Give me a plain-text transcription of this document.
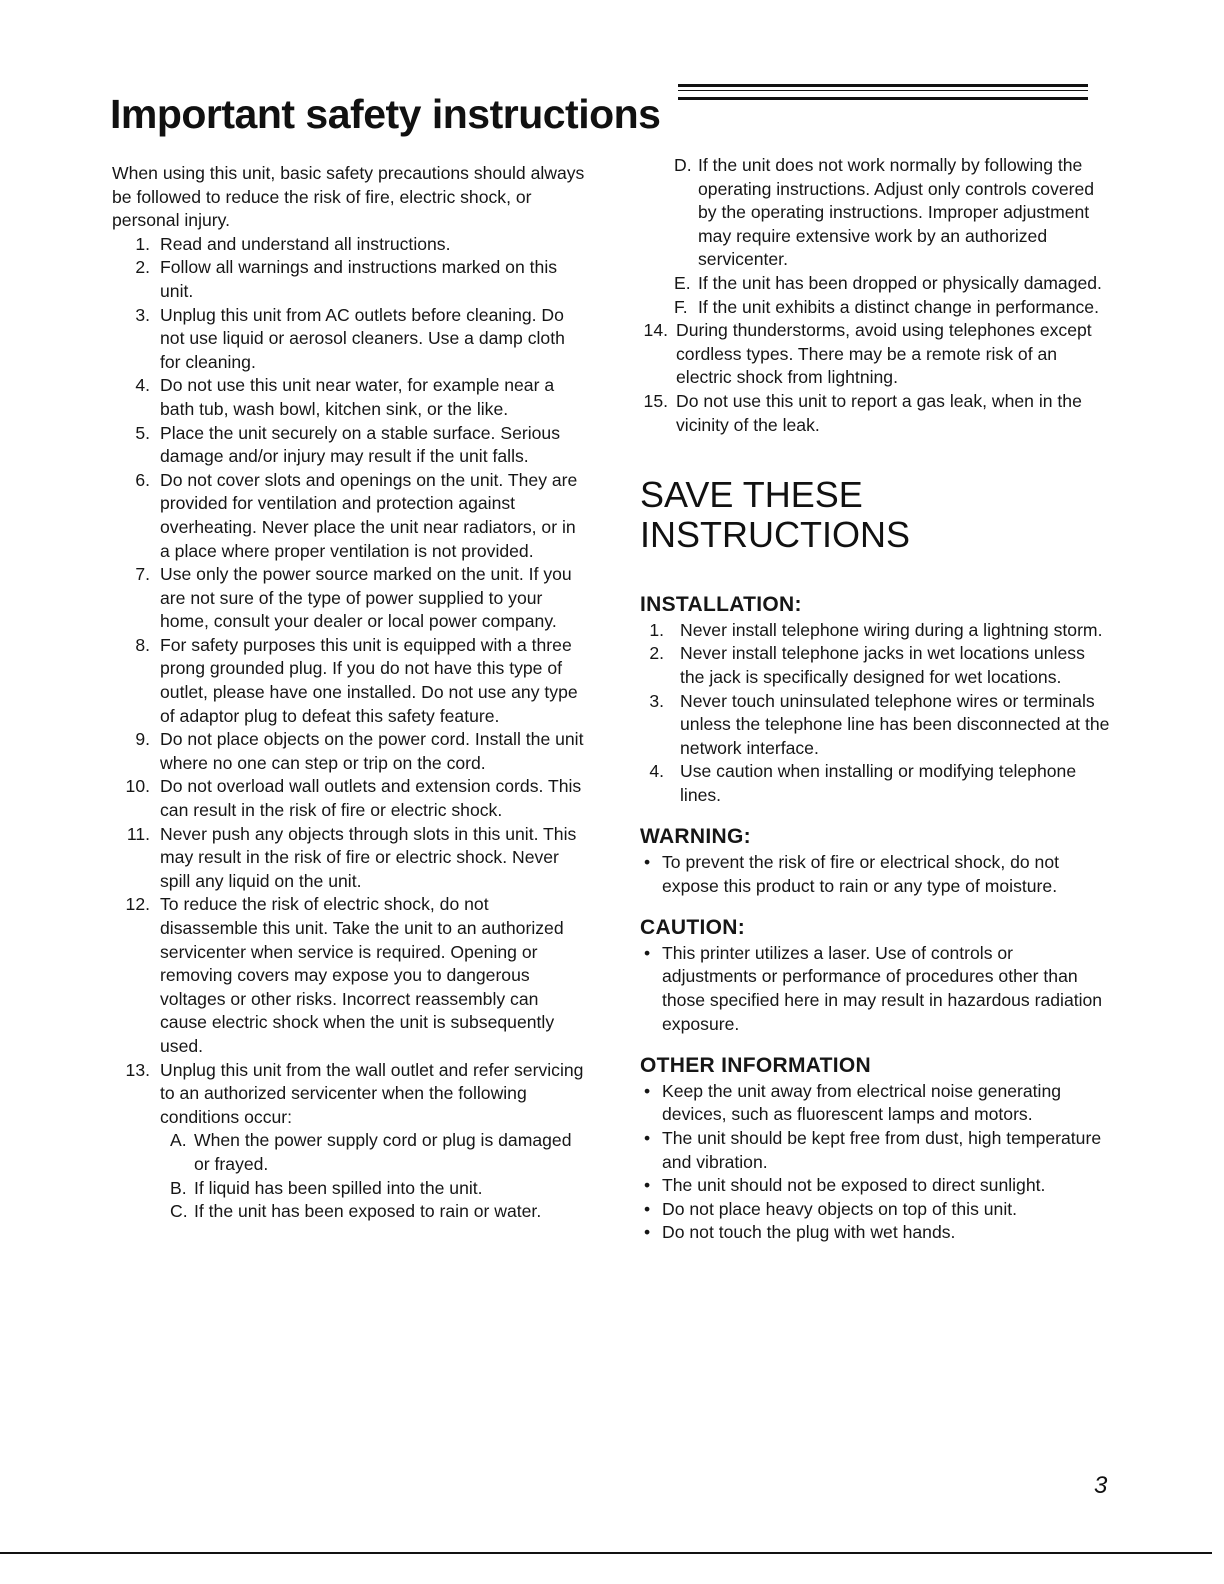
Important safety instructions
When using this unit, basic safety precautions should always be followed to reduce the risk of fire, electric shock, or personal injury.
1. Read and understand all instructions.
2. Follow all warnings and instructions marked on this unit.
3. Unplug this unit from AC outlets before cleaning. Do not use liquid or aerosol cleaners. Use a damp cloth for cleaning.
4. Do not use this unit near water, for example near a bath tub, wash bowl, kitchen sink, or the like.
5. Place the unit securely on a stable surface. Serious damage and/or injury may result if the unit falls.
6. Do not cover slots and openings on the unit. They are provided for ventilation and protection against overheating. Never place the unit near radiators, or in a place where proper ventilation is not provided.
7. Use only the power source marked on the unit. If you are not sure of the type of power supplied to your home, consult your dealer or local power company.
8. For safety purposes this unit is equipped with a three prong grounded plug. If you do not have this type of outlet, please have one installed. Do not use any type of adaptor plug to defeat this safety feature.
9. Do not place objects on the power cord. Install the unit where no one can step or trip on the cord.
10. Do not overload wall outlets and extension cords. This can result in the risk of fire or electric shock.
11. Never push any objects through slots in this unit. This may result in the risk of fire or electric shock. Never spill any liquid on the unit.
12. To reduce the risk of electric shock, do not disassemble this unit. Take the unit to an authorized servicenter when service is required. Opening or removing covers may expose you to dangerous voltages or other risks. Incorrect reassembly can cause electric shock when the unit is subsequently used.
13. Unplug this unit from the wall outlet and refer servicing to an authorized servicenter when the following conditions occur:
A. When the power supply cord or plug is damaged or frayed.
B. If liquid has been spilled into the unit.
C. If the unit has been exposed to rain or water.
D. If the unit does not work normally by following the operating instructions. Adjust only controls covered by the operating instructions. Improper adjustment may require extensive work by an authorized servicenter.
E. If the unit has been dropped or physically damaged.
F. If the unit exhibits a distinct change in performance.
14. During thunderstorms, avoid using telephones except cordless types. There may be a remote risk of an electric shock from lightning.
15. Do not use this unit to report a gas leak, when in the vicinity of the leak.
SAVE THESE
INSTRUCTIONS
INSTALLATION:
1. Never install telephone wiring during a lightning storm.
2. Never install telephone jacks in wet locations unless the jack is specifically designed for wet locations.
3. Never touch uninsulated telephone wires or terminals unless the telephone line has been disconnected at the network interface.
4. Use caution when installing or modifying telephone lines.
WARNING:
• To prevent the risk of fire or electrical shock, do not expose this product to rain or any type of moisture.
CAUTION:
• This printer utilizes a laser. Use of controls or adjustments or performance of procedures other than those specified here in may result in hazardous radiation exposure.
OTHER INFORMATION
• Keep the unit away from electrical noise generating devices, such as fluorescent lamps and motors.
• The unit should be kept free from dust, high temperature and vibration.
• The unit should not be exposed to direct sunlight.
• Do not place heavy objects on top of this unit.
• Do not touch the plug with wet hands.
3
